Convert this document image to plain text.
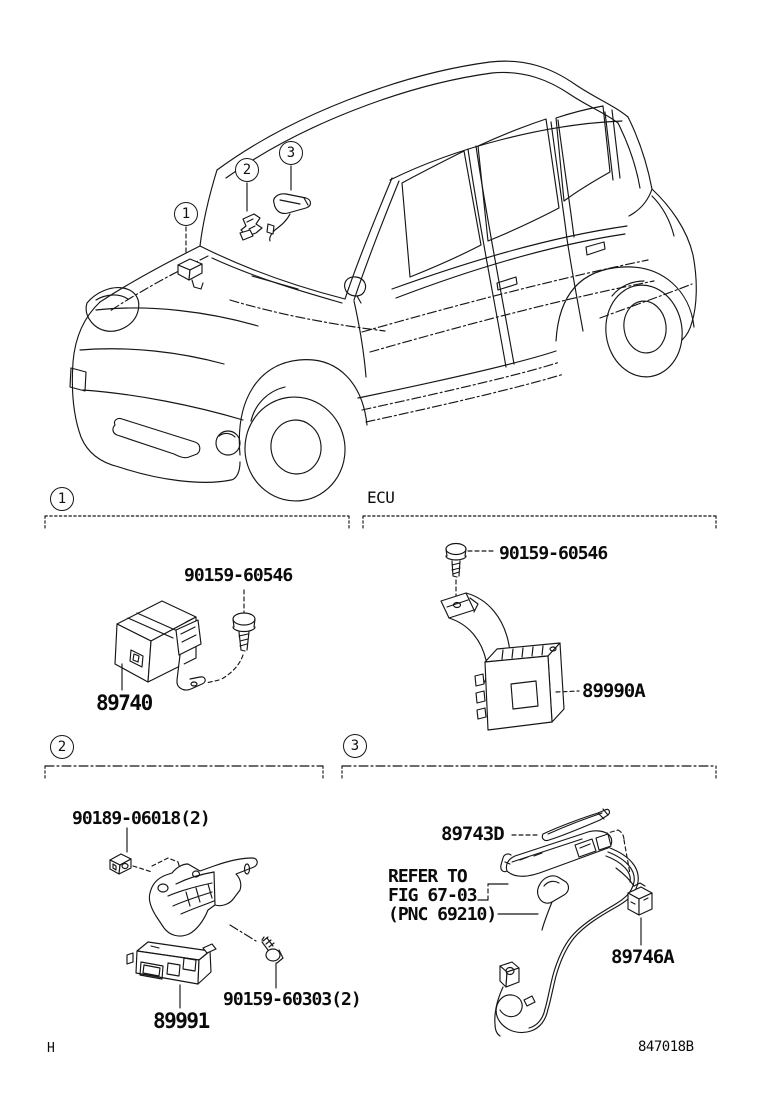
1
2
3
1
2	3
ECU
90159-60546
89740
90159-60546
89990A
90189-06018(2)
89991
90159-60303(2)
89743D
REFER TO
FIG 67-03
(PNC 69210)
89746A
H	847018B
